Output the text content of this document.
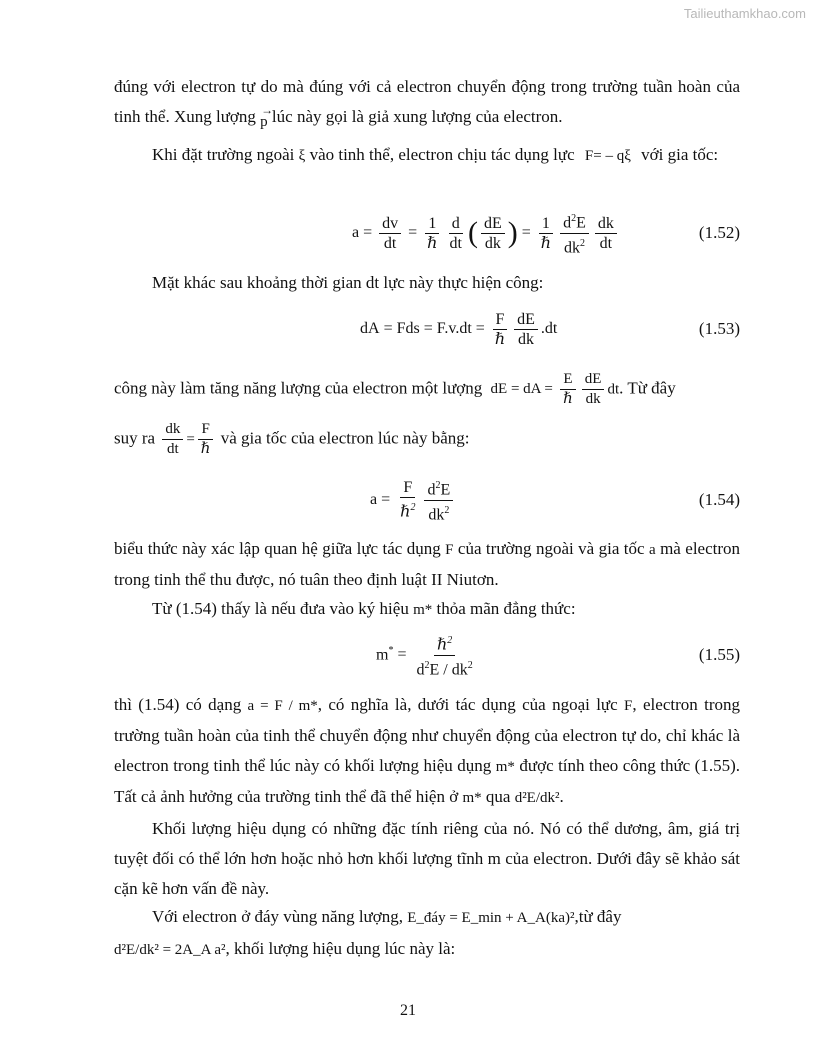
Tailieuthamkhao.com

đúng với electron tự do mà đúng với cả electron chuyển động trong trường tuần hoàn của tinh thể. Xung lượng →
p lúc này gọi là giả xung lượng của electron.

Khi đặt trường ngoài ξ vào tinh thể, electron chịu tác dụng lực F= – qξ với gia tốc:

$a = \frac{dv}{dt} = \frac{1}{\text{ℏ}} \frac{d}{dt}$ ( $\frac{dE}{dk}$ ) = $\frac{1}{\text{ℏ}} \frac{d^2E}{dk^2} \frac{dk}{dt}$	(1.52)

Mặt khác sau khoảng thời gian dt lực này thực hiện công:

dA = Fds = $F.v.dt = \frac{F}{\text{ℏ}} \frac{dE}{dk} .dt$	(1.53)

công này làm tăng năng lượng của electron một lượng dE = dA = $\frac{E}{\text{ℏ}} \frac{dE}{dk}$ dt. Từ đây

suy ra $\frac{dk}{dt} = \frac{F}{\text{ℏ}}$ và gia tốc của electron lúc này bằng:

$a = \frac{F}{\hbar^2} \frac{d^2E}{dk^2}$	(1.54)

biểu thức này xác lập quan hệ giữa lực tác dụng F của trường ngoài và gia tốc a mà electron trong tinh thể thu được, nó tuân theo định luật II Niutơn.

Từ (1.54) thấy là nếu đưa vào ký hiệu m* thỏa mãn đẳng thức:

$m^* = \frac{\hbar^2}{d^2E / dk^2}$	(1.55)

thì (1.54) có dạng a = F / m*, có nghĩa là, dưới tác dụng của ngoại lực F, electron trong trường tuần hoàn của tinh thể chuyển động như chuyển động của electron tự do, chỉ khác là electron trong tinh thể lúc này có khối lượng hiệu dụng m* được tính theo công thức (1.55). Tất cả ảnh hưởng của trường tinh thể đã thể hiện ở m* qua d²E/dk².

Khối lượng hiệu dụng có những đặc tính riêng của nó. Nó có thể dương, âm, giá trị tuyệt đối có thể lớn hơn hoặc nhỏ hơn khối lượng tĩnh m của electron. Dưới đây sẽ khảo sát cặn kẽ hơn vấn đề này.

Với electron ở đáy vùng năng lượng, E_đáy = E_min + A_A(ka)²,từ đây

d²E/dk² = 2A_A a², khối lượng hiệu dụng lúc này là:

21
